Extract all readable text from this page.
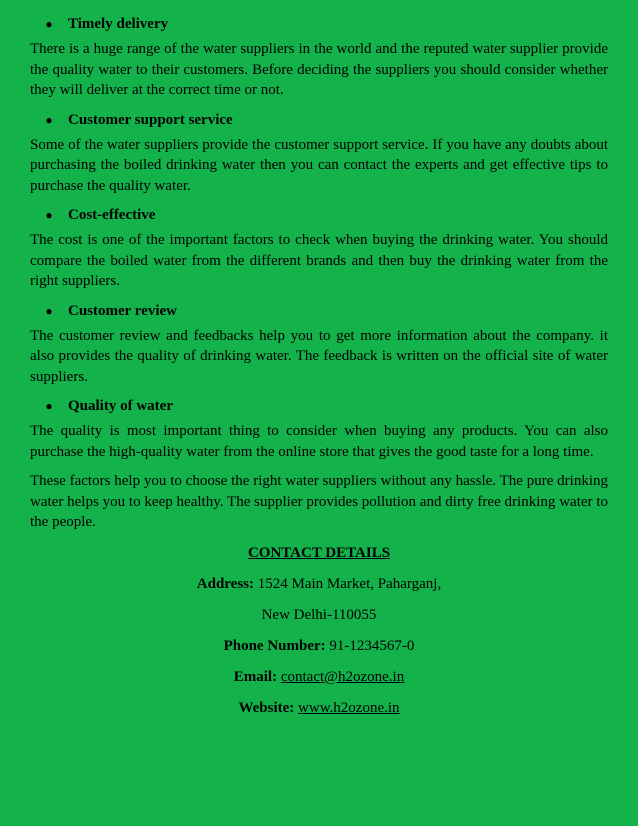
●	Timely delivery

There is a huge range of the water suppliers in the world and the reputed water supplier provide the quality water to their customers. Before deciding the suppliers you should consider whether they will deliver at the correct time or not.

●	Customer support service

Some of the water suppliers provide the customer support service. If you have any doubts about purchasing the boiled drinking water then you can contact the experts and get effective tips to purchase the quality water.

●	Cost-effective

The cost is one of the important factors to check when buying the drinking water. You should compare the boiled water from the different brands and then buy the drinking water from the right suppliers.

●	Customer review

The customer review and feedbacks help you to get more information about the company. it also provides the quality of drinking water. The feedback is written on the official site of water suppliers.

●	Quality of water

The quality is most important thing to consider when buying any products. You can also purchase the high-quality water from the online store that gives the good taste for a long time.

These factors help you to choose the right water suppliers without any hassle. The pure drinking water helps you to keep healthy. The supplier provides pollution and dirty free drinking water to the people.

CONTACT DETAILS
Address: 1524 Main Market, Paharganj,
New Delhi-110055
Phone Number: 91-1234567-0
Email: contact@h2ozone.in
Website: www.h2ozone.in
